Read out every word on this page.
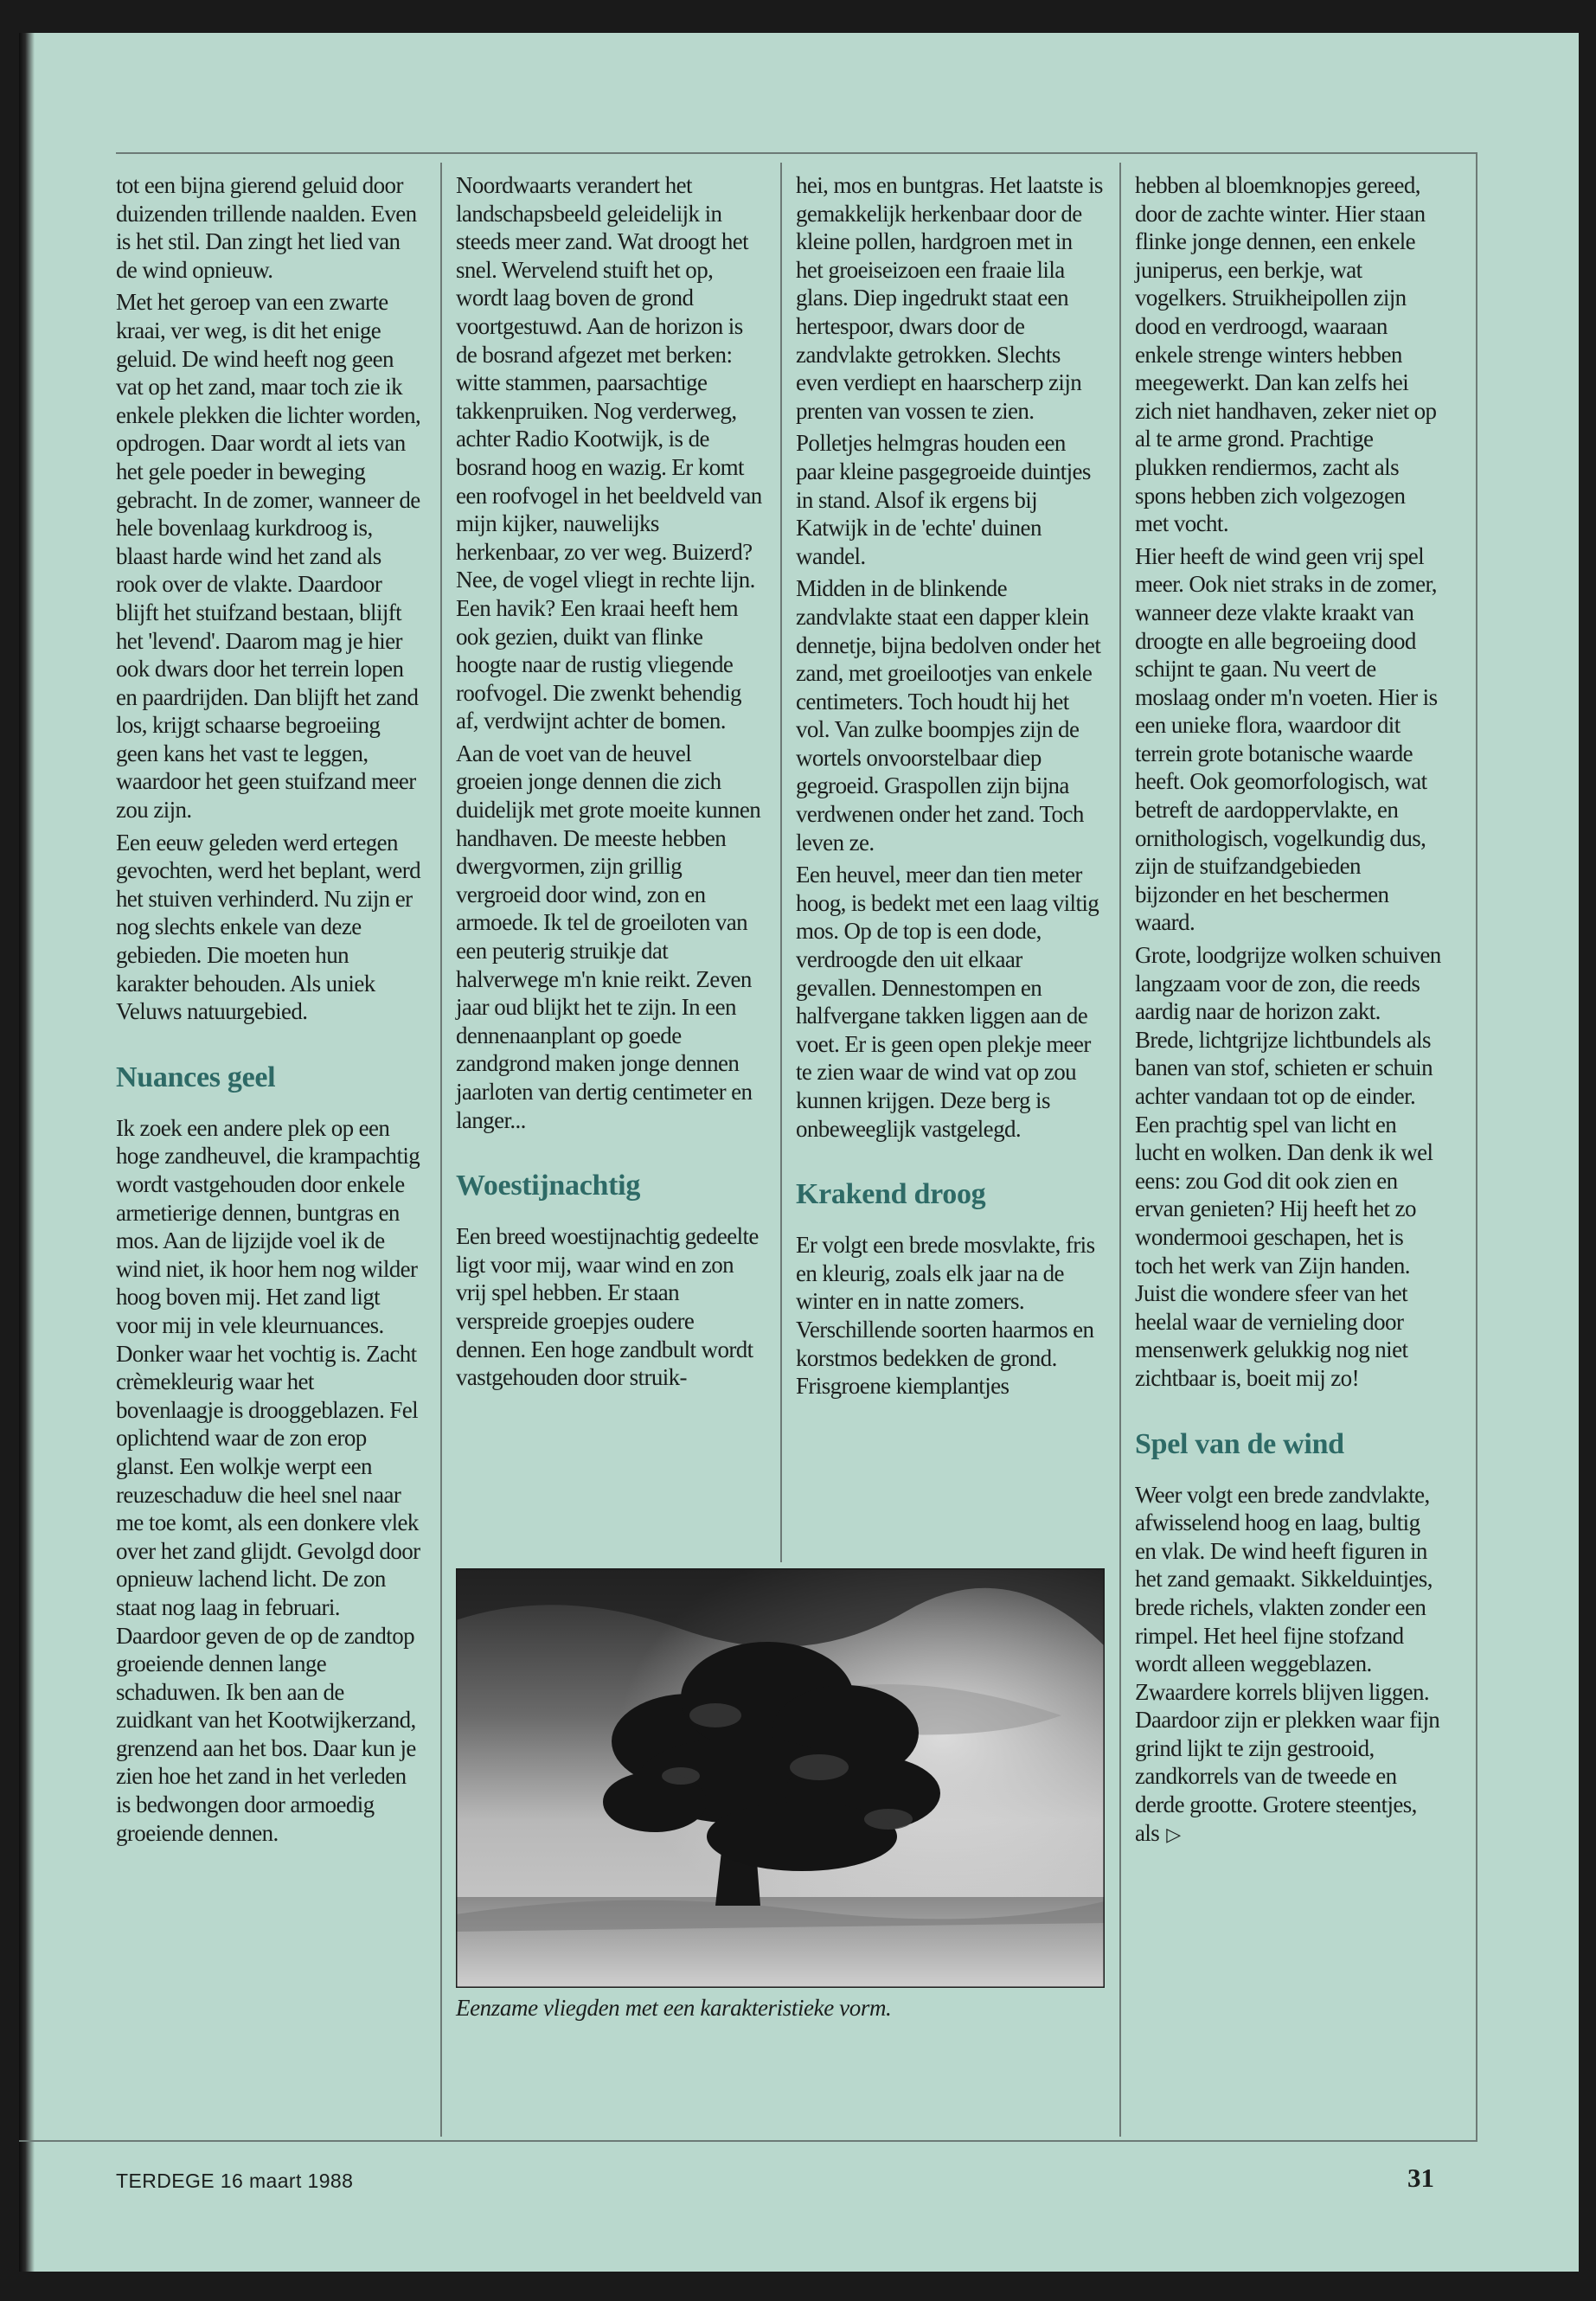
tot een bijna gierend geluid door duizenden trillende naalden. Even is het stil. Dan zingt het lied van de wind opnieuw.

Met het geroep van een zwarte kraai, ver weg, is dit het enige geluid. De wind heeft nog geen vat op het zand, maar toch zie ik enkele plekken die lichter worden, opdrogen. Daar wordt al iets van het gele poeder in beweging gebracht. In de zomer, wanneer de hele bovenlaag kurkdroog is, blaast harde wind het zand als rook over de vlakte. Daardoor blijft het stuifzand bestaan, blijft het 'levend'. Daarom mag je hier ook dwars door het terrein lopen en paardrijden. Dan blijft het zand los, krijgt schaarse begroeiing geen kans het vast te leggen, waardoor het geen stuifzand meer zou zijn.

Een eeuw geleden werd ertegen gevochten, werd het beplant, werd het stuiven verhinderd. Nu zijn er nog slechts enkele van deze gebieden. Die moeten hun karakter behouden. Als uniek Veluws natuurgebied.

Nuances geel

Ik zoek een andere plek op een hoge zandheuvel, die krampachtig wordt vastgehouden door enkele armetierige dennen, buntgras en mos. Aan de lijzijde voel ik de wind niet, ik hoor hem nog wilder hoog boven mij. Het zand ligt voor mij in vele kleurnuances. Donker waar het vochtig is. Zacht crèmekleurig waar het bovenlaagje is drooggeblazen. Fel oplichtend waar de zon erop glanst. Een wolkje werpt een reuzeschaduw die heel snel naar me toe komt, als een donkere vlek over het zand glijdt. Gevolgd door opnieuw lachend licht. De zon staat nog laag in februari. Daardoor geven de op de zandtop groeiende dennen lange schaduwen. Ik ben aan de zuidkant van het Kootwijkerzand, grenzend aan het bos. Daar kun je zien hoe het zand in het verleden is bedwongen door armoedig groeiende dennen.

Noordwaarts verandert het landschapsbeeld geleidelijk in steeds meer zand. Wat droogt het snel. Wervelend stuift het op, wordt laag boven de grond voortgestuwd. Aan de horizon is de bosrand afgezet met berken: witte stammen, paarsachtige takkenpruiken. Nog verderweg, achter Radio Kootwijk, is de bosrand hoog en wazig. Er komt een roofvogel in het beeldveld van mijn kijker, nauwelijks herkenbaar, zo ver weg. Buizerd? Nee, de vogel vliegt in rechte lijn. Een havik? Een kraai heeft hem ook gezien, duikt van flinke hoogte naar de rustig vliegende roofvogel. Die zwenkt behendig af, verdwijnt achter de bomen.

Aan de voet van de heuvel groeien jonge dennen die zich duidelijk met grote moeite kunnen handhaven. De meeste hebben dwergvormen, zijn grillig vergroeid door wind, zon en armoede. Ik tel de groeiloten van een peuterig struikje dat halverwege m'n knie reikt. Zeven jaar oud blijkt het te zijn. In een dennenaanplant op goede zandgrond maken jonge dennen jaarloten van dertig centimeter en langer...

Woestijnachtig

Een breed woestijnachtig gedeelte ligt voor mij, waar wind en zon vrij spel hebben. Er staan verspreide groepjes oudere dennen. Een hoge zandbult wordt vastgehouden door struik-

hei, mos en buntgras. Het laatste is gemakkelijk herkenbaar door de kleine pollen, hardgroen met in het groeiseizoen een fraaie lila glans. Diep ingedrukt staat een hertespoor, dwars door de zandvlakte getrokken. Slechts even verdiept en haarscherp zijn prenten van vossen te zien.

Polletjes helmgras houden een paar kleine pasgegroeide duintjes in stand. Alsof ik ergens bij Katwijk in de 'echte' duinen wandel.

Midden in de blinkende zandvlakte staat een dapper klein dennetje, bijna bedolven onder het zand, met groeilootjes van enkele centimeters. Toch houdt hij het vol. Van zulke boompjes zijn de wortels onvoorstelbaar diep gegroeid. Graspollen zijn bijna verdwenen onder het zand. Toch leven ze.

Een heuvel, meer dan tien meter hoog, is bedekt met een laag viltig mos. Op de top is een dode, verdroogde den uit elkaar gevallen. Dennestompen en halfvergane takken liggen aan de voet. Er is geen open plekje meer te zien waar de wind vat op zou kunnen krijgen. Deze berg is onbeweeglijk vastgelegd.

Krakend droog

Er volgt een brede mosvlakte, fris en kleurig, zoals elk jaar na de winter en in natte zomers. Verschillende soorten haarmos en korstmos bedekken de grond. Frisgroene kiemplantjes

hebben al bloemknopjes gereed, door de zachte winter. Hier staan flinke jonge dennen, een enkele juniperus, een berkje, wat vogelkers. Struikheipollen zijn dood en verdroogd, waaraan enkele strenge winters hebben meegewerkt. Dan kan zelfs hei zich niet handhaven, zeker niet op al te arme grond. Prachtige plukken rendiermos, zacht als spons hebben zich volgezogen met vocht.

Hier heeft de wind geen vrij spel meer. Ook niet straks in de zomer, wanneer deze vlakte kraakt van droogte en alle begroeiing dood schijnt te gaan. Nu veert de moslaag onder m'n voeten. Hier is een unieke flora, waardoor dit terrein grote botanische waarde heeft. Ook geomorfologisch, wat betreft de aardoppervlakte, en ornithologisch, vogelkundig dus, zijn de stuifzandgebieden bijzonder en het beschermen waard.

Grote, loodgrijze wolken schuiven langzaam voor de zon, die reeds aardig naar de horizon zakt. Brede, lichtgrijze lichtbundels als banen van stof, schieten er schuin achter vandaan tot op de einder. Een prachtig spel van licht en lucht en wolken. Dan denk ik wel eens: zou God dit ook zien en ervan genieten? Hij heeft het zo wondermooi geschapen, het is toch het werk van Zijn handen. Juist die wondere sfeer van het heelal waar de vernieling door mensenwerk gelukkig nog niet zichtbaar is, boeit mij zo!

Spel van de wind

Weer volgt een brede zandvlakte, afwisselend hoog en laag, bultig en vlak. De wind heeft figuren in het zand gemaakt. Sikkelduintjes, brede richels, vlakten zonder een rimpel. Het heel fijne stofzand wordt alleen weggeblazen. Zwaardere korrels blijven liggen. Daardoor zijn er plekken waar fijn grind lijkt te zijn gestrooid, zandkorrels van de tweede en derde grootte. Grotere steentjes, als ▷

Eenzame vliegden met een karakteristieke vorm.
TERDEGE 16 maart 1988	31
